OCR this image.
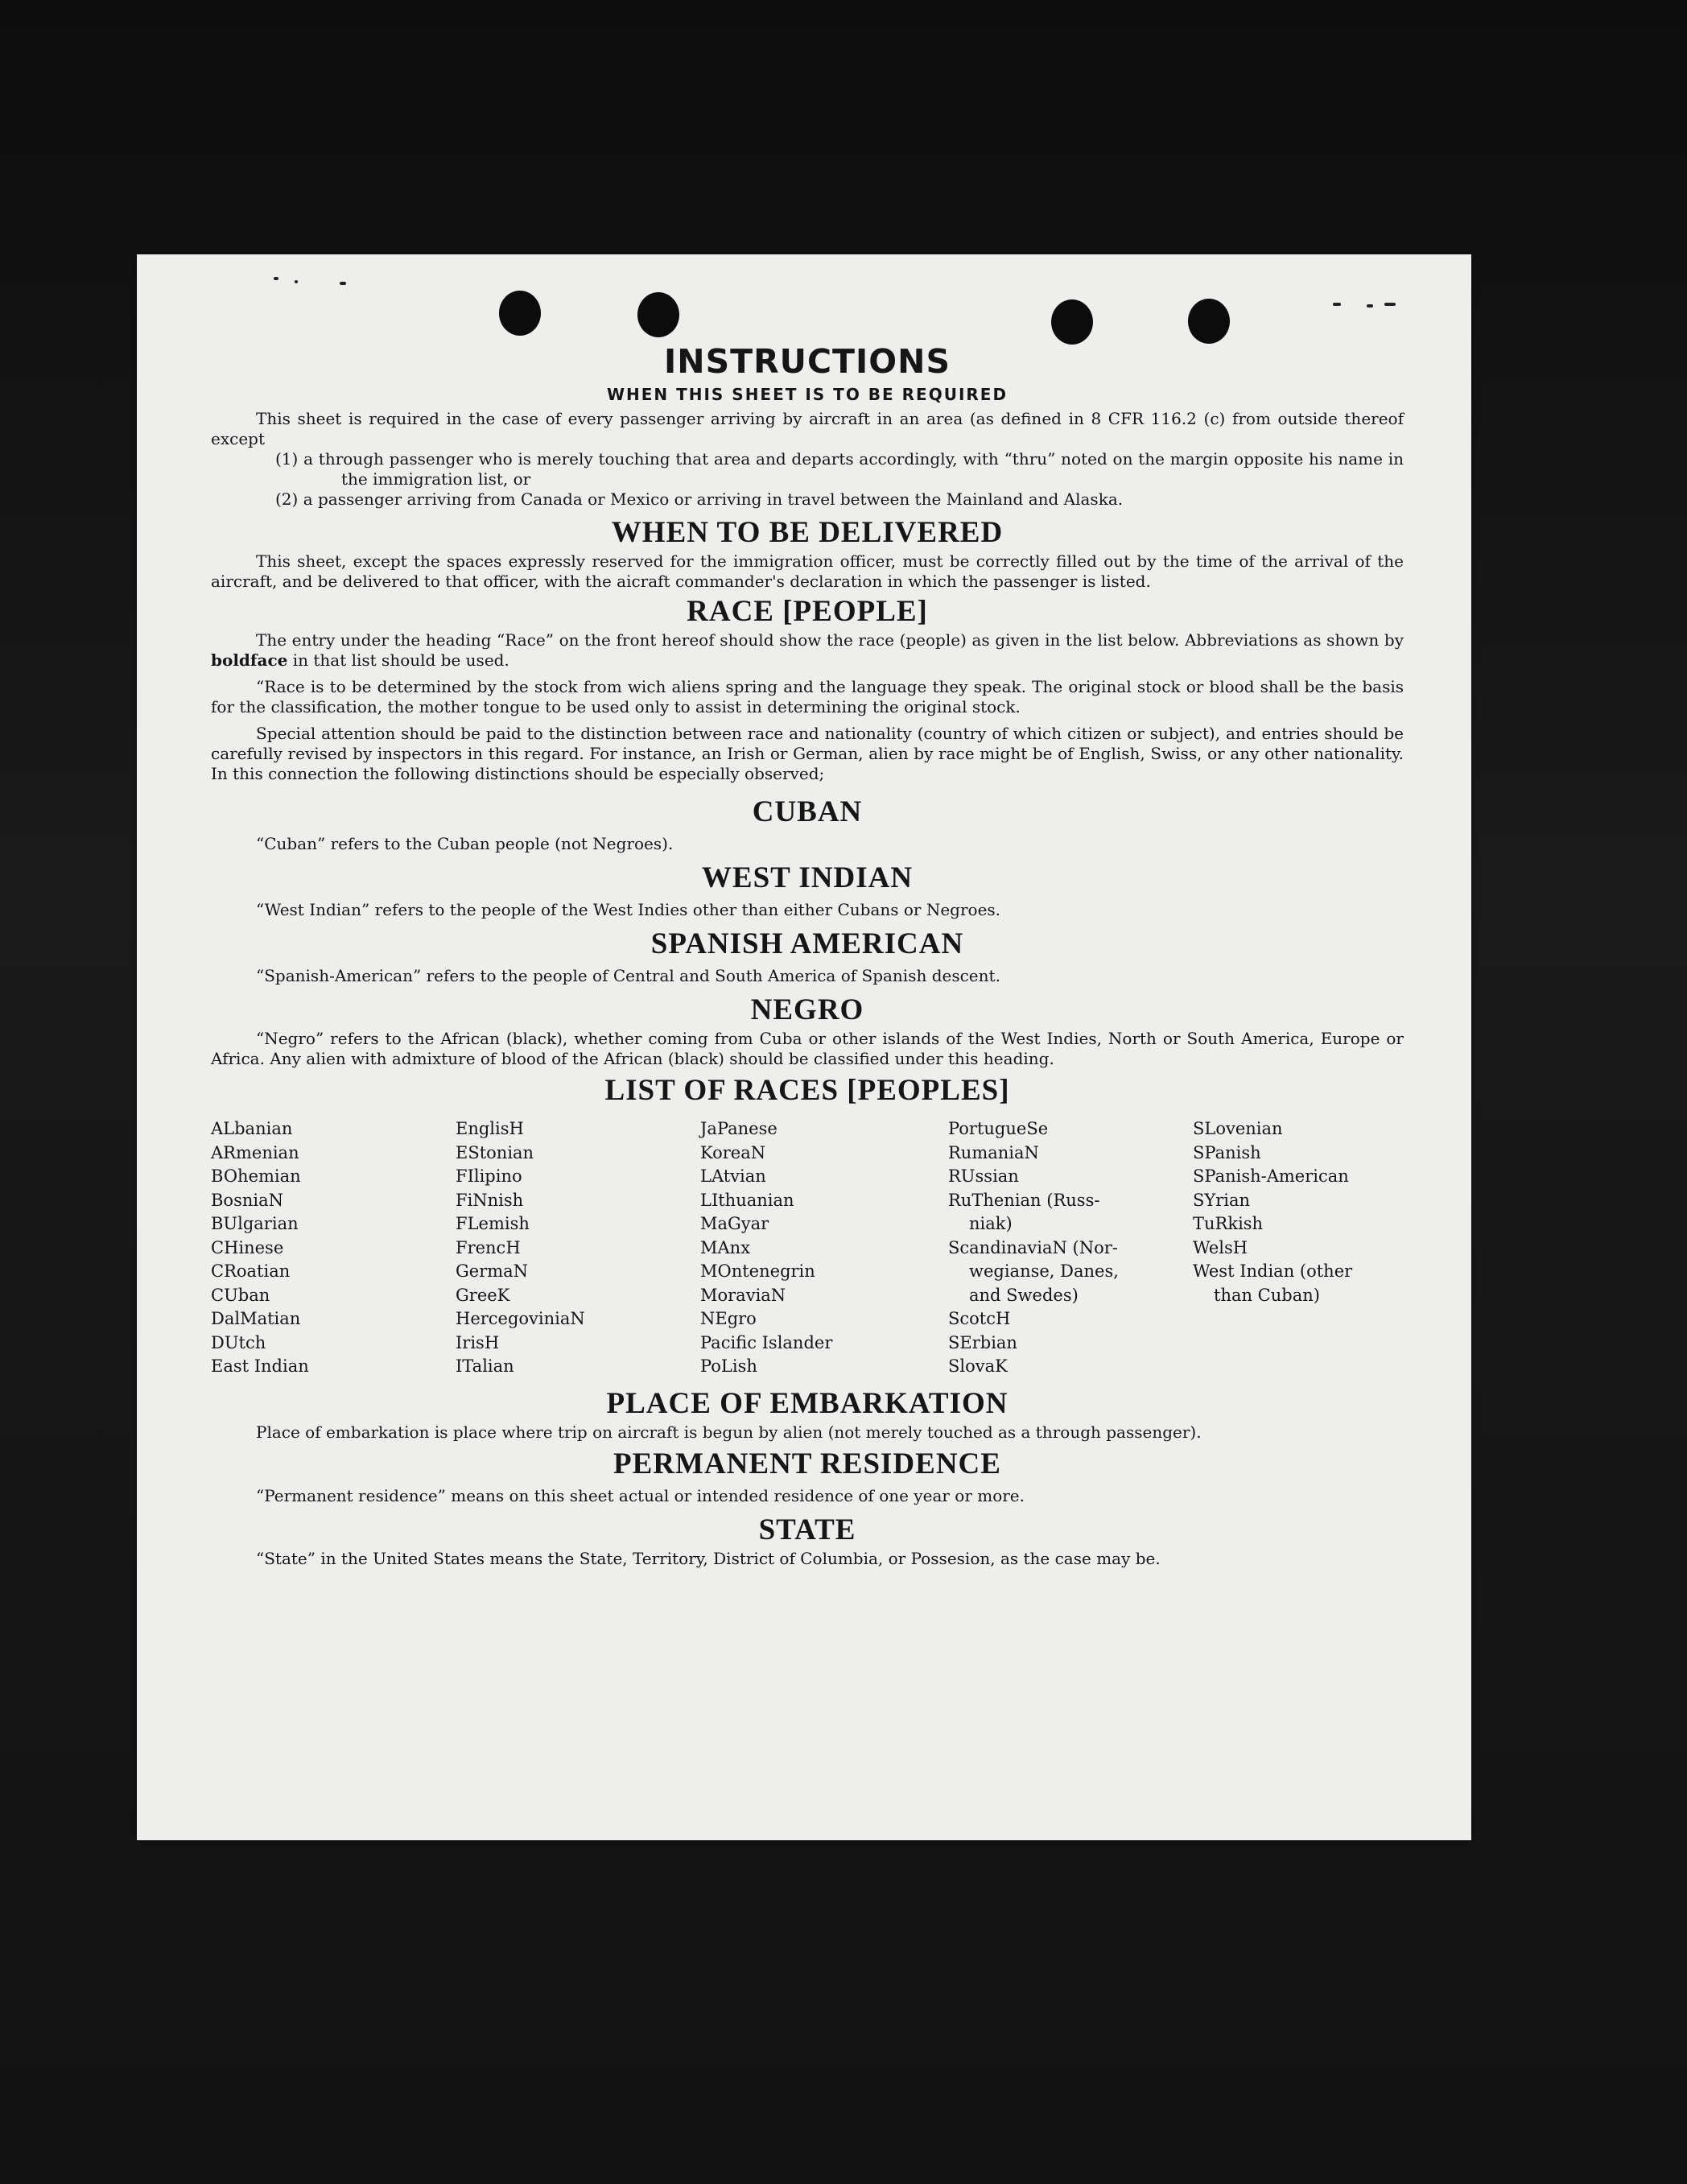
INSTRUCTIONS
WHEN THIS SHEET IS TO BE REQUIRED

This sheet is required in the case of every passenger arriving by aircraft in an area (as defined in 8 CFR 116.2 (c) from outside thereof except

(1) a through passenger who is merely touching that area and departs accordingly, with “thru” noted on the margin opposite his name in the immigration list, or

(2) a passenger arriving from Canada or Mexico or arriving in travel between the Mainland and Alaska.

WHEN TO BE DELIVERED

This sheet, except the spaces expressly reserved for the immigration officer, must be correctly filled out by the time of the arrival of the aircraft, and be delivered to that officer, with the aicraft commander's declaration in which the passenger is listed.

RACE [PEOPLE]

The entry under the heading “Race” on the front hereof should show the race (people) as given in the list below. Abbreviations as shown by boldface in that list should be used.

“Race is to be determined by the stock from wich aliens spring and the language they speak. The original stock or blood shall be the basis for the classification, the mother tongue to be used only to assist in determining the original stock.

Special attention should be paid to the distinction between race and nationality (country of which citizen or subject), and entries should be carefully revised by inspectors in this regard. For instance, an Irish or German, alien by race might be of English, Swiss, or any other nationality. In this connection the following distinctions should be especially observed;

CUBAN

“Cuban” refers to the Cuban people (not Negroes).

WEST INDIAN

“West Indian” refers to the people of the West Indies other than either Cubans or Negroes.

SPANISH AMERICAN

“Spanish-American” refers to the people of Central and South America of Spanish descent.

NEGRO

“Negro” refers to the African (black), whether coming from Cuba or other islands of the West Indies, North or South America, Europe or Africa. Any alien with admixture of blood of the African (black) should be classified under this heading.

LIST OF RACES [PEOPLES]
ALbanian
ARmenian
BOhemian
BosniaN
BUlgarian
CHinese
CRoatian
CUban
DalMatian
DUtch
East Indian
EnglisH
EStonian
FIlipino
FiNnish
FLemish
FrencH
GermaN
GreeK
HercegoviniaN
IrisH
ITalian
JaPanese
KoreaN
LAtvian
LIthuanian
MaGyar
MAnx
MOntenegrin
MoraviaN
NEgro
Pacific Islander
PoLish
PortugueSe
RumaniaN
RUssian
RuThenian (Russ-
niak)
ScandinaviaN (Nor-
wegianse, Danes,
and Swedes)
ScotcH
SErbian
SlovaK
SLovenian
SPanish
SPanish-American
SYrian
TuRkish
WelsH
West Indian (other
than Cuban)
PLACE OF EMBARKATION

Place of embarkation is place where trip on aircraft is begun by alien (not merely touched as a through passenger).

PERMANENT RESIDENCE

“Permanent residence” means on this sheet actual or intended residence of one year or more.

STATE

“State” in the United States means the State, Territory, District of Columbia, or Possesion, as the case may be.
